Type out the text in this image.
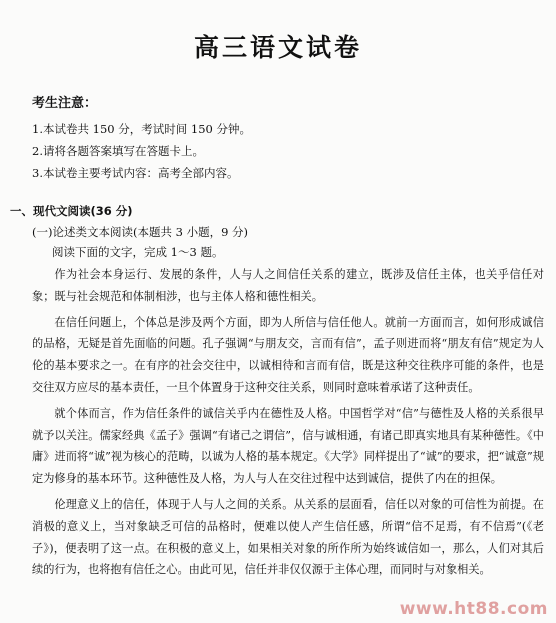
高三语文试卷
考生注意：
1.本试卷共 150 分，考试时间 150 分钟。
2.请将各题答案填写在答题卡上。
3.本试卷主要考试内容：高考全部内容。
一、现代文阅读(36 分)
(一)论述类文本阅读(本题共 3 小题，9 分)
阅读下面的文字，完成 1～3 题。

作为社会本身运行、发展的条件，人与人之间信任关系的建立，既涉及信任主体，也关乎信任对象；既与社会规范和体制相涉，也与主体人格和德性相关。

在信任问题上，个体总是涉及两个方面，即为人所信与信任他人。就前一方面而言，如何形成诚信的品格，无疑是首先面临的问题。孔子强调“与朋友交，言而有信”，孟子则进而将“朋友有信”规定为人伦的基本要求之一。在有序的社会交往中，以诚相待和言而有信，既是这种交往秩序可能的条件，也是交往双方应尽的基本责任，一旦个体置身于这种交往关系，则同时意味着承诺了这种责任。

就个体而言，作为信任条件的诚信关乎内在德性及人格。中国哲学对“信”与德性及人格的关系很早就予以关注。儒家经典《孟子》强调“有诸己之谓信”，信与诚相通，有诸己即真实地具有某种德性。《中庸》进而将“诚”视为核心的范畴，以诚为人格的基本规定。《大学》同样提出了“诚”的要求，把“诚意”规定为修身的基本环节。这种德性及人格，为人与人在交往过程中达到诚信，提供了内在的担保。

伦理意义上的信任，体现于人与人之间的关系。从关系的层面看，信任以对象的可信性为前提。在消极的意义上，当对象缺乏可信的品格时，便难以使人产生信任感，所谓“信不足焉，有不信焉”(《老子》)，便表明了这一点。在积极的意义上，如果相关对象的所作所为始终诚信如一，那么，人们对其后续的行为，也将抱有信任之心。由此可见，信任并非仅仅源于主体心理，而同时与对象相关。

www.ht88.com
